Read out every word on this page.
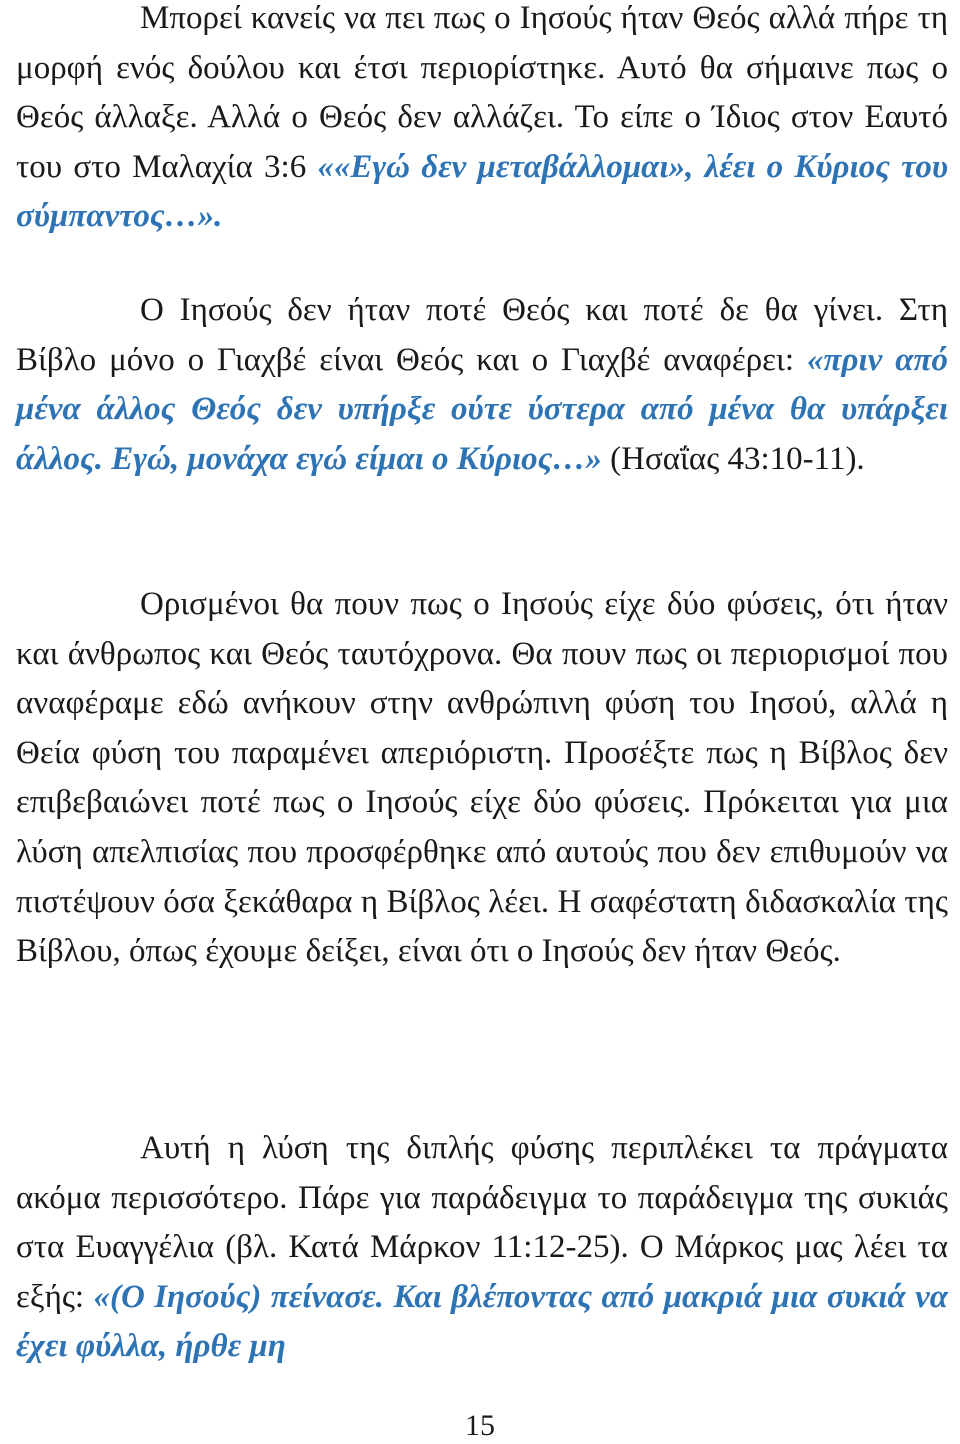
Μπορεί κανείς να πει πως ο Ιησούς ήταν Θεός αλλά πήρε τη μορφή ενός δούλου και έτσι περιορίστηκε. Αυτό θα σήμαινε πως ο Θεός άλλαξε. Αλλά ο Θεός δεν αλλάζει. Το είπε ο Ίδιος στον Εαυτό του στο Μαλαχία 3:6 ««Εγώ δεν μεταβάλλομαι», λέει ο Κύριος του σύμπαντος…».

Ο Ιησούς δεν ήταν ποτέ Θεός και ποτέ δε θα γίνει. Στη Βίβλο μόνο ο Γιαχβέ είναι Θεός και ο Γιαχβέ αναφέρει: «πριν από μένα άλλος Θεός δεν υπήρξε ούτε ύστερα από μένα θα υπάρξει άλλος. Εγώ, μονάχα εγώ είμαι ο Κύριος…» (Ησαΐας 43:10-11).

Ορισμένοι θα πουν πως ο Ιησούς είχε δύο φύσεις, ότι ήταν και άνθρωπος και Θεός ταυτόχρονα. Θα πουν πως οι περιορισμοί που αναφέραμε εδώ ανήκουν στην ανθρώπινη φύση του Ιησού, αλλά η Θεία φύση του παραμένει απεριόριστη. Προσέξτε πως η Βίβλος δεν επιβεβαιώνει ποτέ πως ο Ιησούς είχε δύο φύσεις. Πρόκειται για μια λύση απελπισίας που προσφέρθηκε από αυτούς που δεν επιθυμούν να πιστέψουν όσα ξεκάθαρα η Βίβλος λέει. Η σαφέστατη διδασκαλία της Βίβλου, όπως έχουμε δείξει, είναι ότι ο Ιησούς δεν ήταν Θεός.

Αυτή η λύση της διπλής φύσης περιπλέκει τα πράγματα ακόμα περισσότερο. Πάρε για παράδειγμα το παράδειγμα της συκιάς στα Ευαγγέλια (βλ. Κατά Μάρκον 11:12-25). Ο Μάρκος μας λέει τα εξής: «(Ο Ιησούς) πείνασε. Και βλέποντας από μακριά μια συκιά να έχει φύλλα, ήρθε μη

15
